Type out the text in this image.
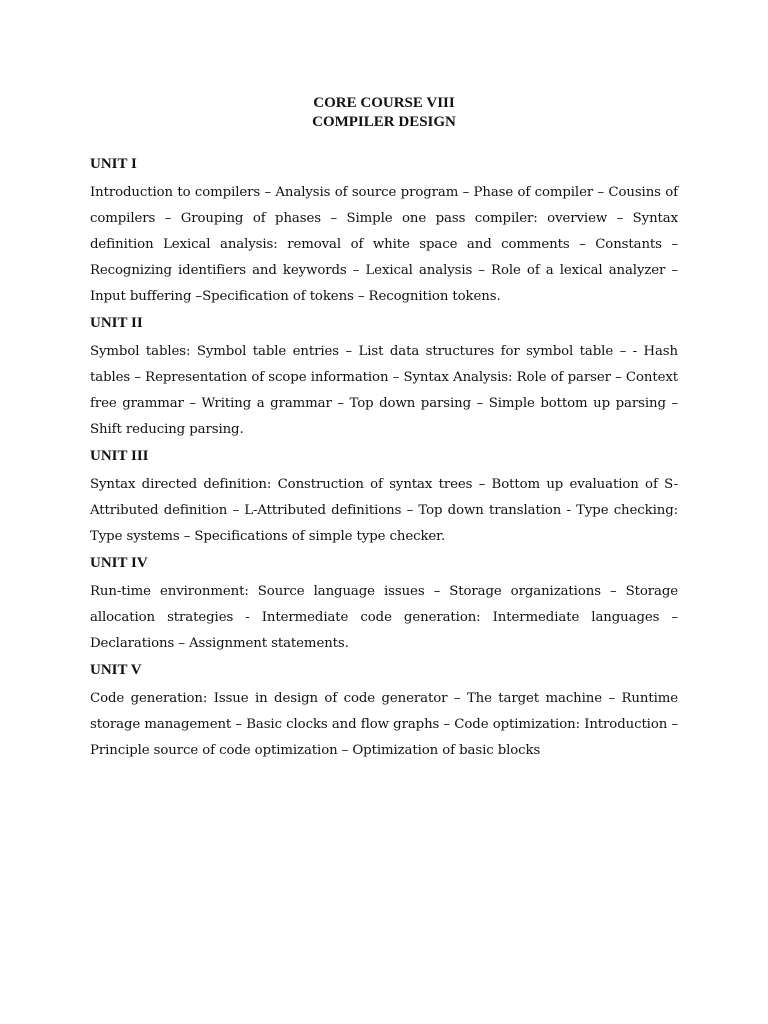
CORE COURSE VIII
COMPILER DESIGN
UNIT I
Introduction to compilers – Analysis of source program – Phase of compiler – Cousins of compilers – Grouping of phases – Simple one pass compiler: overview – Syntax definition Lexical analysis: removal of white space and comments – Constants – Recognizing identifiers and keywords – Lexical analysis – Role of a lexical analyzer – Input buffering –Specification of tokens – Recognition tokens.
UNIT II
Symbol tables: Symbol table entries – List data structures for symbol table – - Hash tables – Representation of scope information – Syntax Analysis: Role of parser – Context free grammar – Writing a grammar – Top down parsing – Simple bottom up parsing – Shift reducing parsing.
UNIT III
Syntax directed definition: Construction of syntax trees – Bottom up evaluation of S-Attributed definition – L-Attributed definitions – Top down translation - Type checking: Type systems – Specifications of simple type checker.
UNIT IV
Run-time environment: Source language issues – Storage organizations – Storage allocation strategies - Intermediate code generation: Intermediate languages – Declarations – Assignment statements.
UNIT V
Code generation: Issue in design of code generator – The target machine – Runtime storage management – Basic clocks and flow graphs – Code optimization: Introduction – Principle source of code optimization – Optimization of basic blocks
